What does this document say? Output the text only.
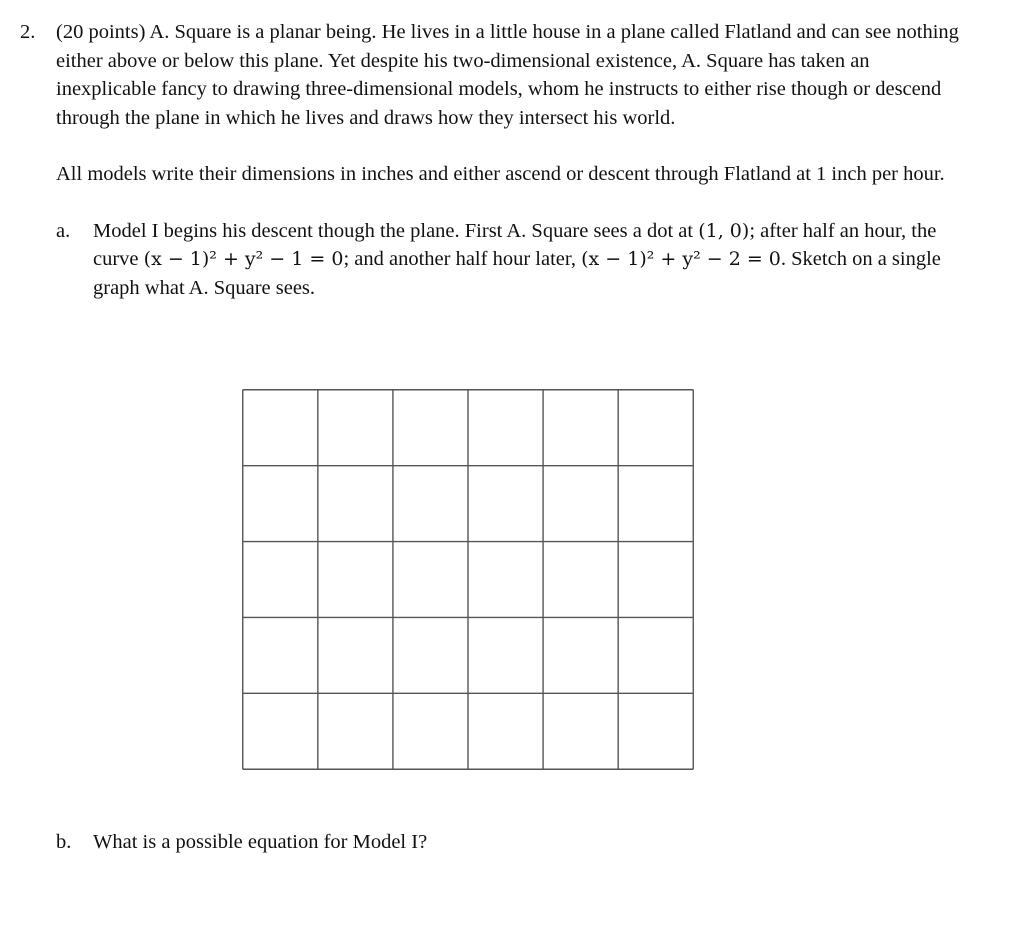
2. (20 points) A. Square is a planar being. He lives in a little house in a plane called Flatland and can see nothing either above or below this plane. Yet despite his two-dimensional existence, A. Square has taken an inexplicable fancy to drawing three-dimensional models, whom he instructs to either rise though or descend through the plane in which he lives and draws how they intersect his world.

All models write their dimensions in inches and either ascend or descent through Flatland at 1 inch per hour.

a. Model I begins his descent though the plane. First A. Square sees a dot at (1, 0); after half an hour, the curve (x − 1)² + y² − 1 = 0; and another half hour later, (x − 1)² + y² − 2 = 0. Sketch on a single graph what A. Square sees.
b. What is a possible equation for Model I?
